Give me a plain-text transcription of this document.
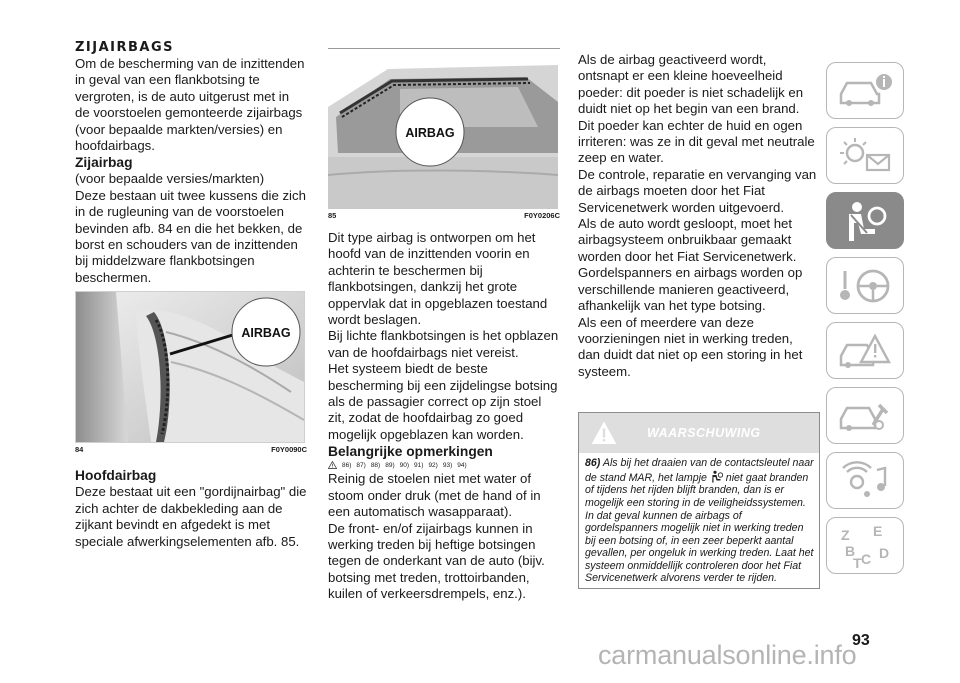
ZIJAIRBAGS

Om de bescherming van de inzittenden in geval van een flankbotsing te vergroten, is de auto uitgerust met in de voorstoelen gemonteerde zijairbags (voor bepaalde markten/versies) en hoofdairbags.

Zijairbag

(voor bepaalde versies/markten)

Deze bestaan uit twee kussens die zich in de rugleuning van de voorstoelen bevinden afb. 84 en die het bekken, de borst en schouders van de inzittenden bij middelzware flankbotsingen beschermen.

AIRBAG
84	F0Y0090C

Hoofdairbag

Deze bestaat uit een "gordijnairbag" die zich achter de dakbekleding aan de zijkant bevindt en afgedekt is met speciale afwerkingselementen afb. 85.

AIRBAG
85	F0Y0206C

Dit type airbag is ontworpen om het hoofd van de inzittenden voorin en achterin te beschermen bij flankbotsingen, dankzij het grote oppervlak dat in opgeblazen toestand wordt beslagen.

Bij lichte flankbotsingen is het opblazen van de hoofdairbags niet vereist.

Het systeem biedt de beste bescherming bij een zijdelingse botsing als de passagier correct op zijn stoel zit, zodat de hoofdairbag zo goed mogelijk opgeblazen kan worden.

Belangrijke opmerkingen

86) 87) 88) 89) 90) 91) 92) 93) 94)

Reinig de stoelen niet met water of stoom onder druk (met de hand of in een automatisch wasapparaat).

De front- en/of zijairbags kunnen in werking treden bij heftige botsingen tegen de onderkant van de auto (bijv. botsing met treden, trottoirbanden, kuilen of verkeersdrempels, enz.).

Als de airbag geactiveerd wordt, ontsnapt er een kleine hoeveelheid poeder: dit poeder is niet schadelijk en duidt niet op het begin van een brand. Dit poeder kan echter de huid en ogen irriteren: was ze in dit geval met neutrale zeep en water.

De controle, reparatie en vervanging van de airbags moeten door het Fiat Servicenetwerk worden uitgevoerd.

Als de auto wordt gesloopt, moet het airbagsysteem onbruikbaar gemaakt worden door het Fiat Servicenetwerk.

Gordelspanners en airbags worden op verschillende manieren geactiveerd, afhankelijk van het type botsing.

Als een of meerdere van deze voorzieningen niet in werking treden, dan duidt dat niet op een storing in het systeem.

WAARSCHUWING
86) Als bij het draaien van de contactsleutel naar de stand MAR, het lampje niet gaat branden of tijdens het rijden blijft branden, dan is er mogelijk een storing in de veiligheidssystemen. In dat geval kunnen de airbags of gordelspanners mogelijk niet in werking treden bij een botsing of, in een zeer beperkt aantal gevallen, per ongeluk in werking treden. Laat het systeem onmiddellijk controleren door het Fiat Servicenetwerk alvorens verder te rijden.
Z E
B C
T
D
93
carmanualsonline.info
